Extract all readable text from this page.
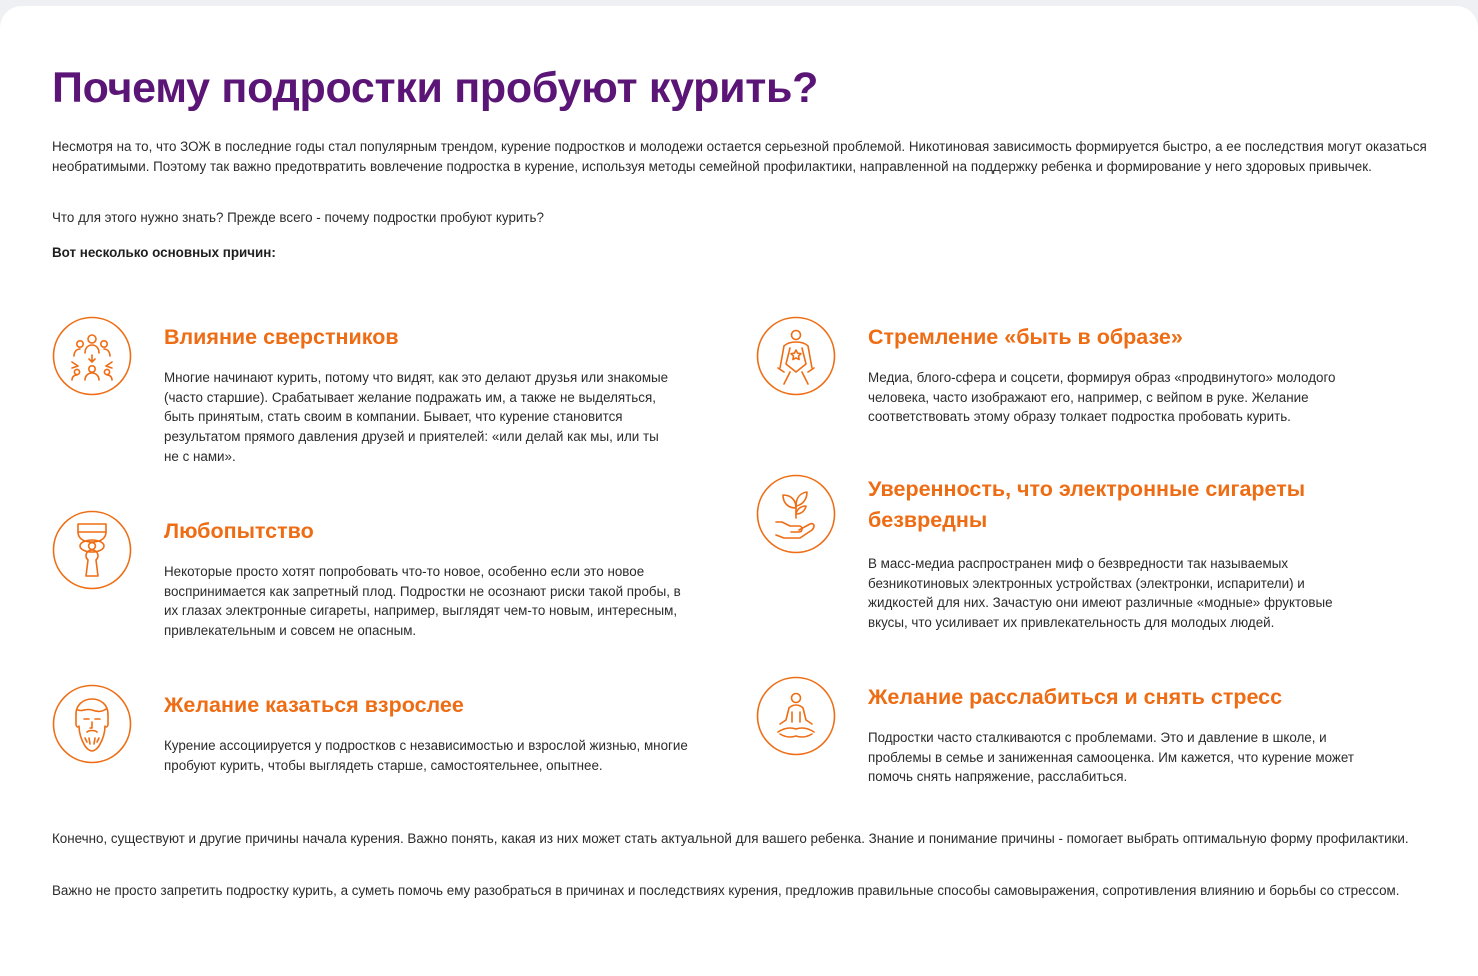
Почему подростки пробуют курить?

Несмотря на то, что ЗОЖ в последние годы стал популярным трендом, курение подростков и молодежи остается серьезной проблемой. Никотиновая зависимость формируется быстро, а ее последствия могут оказаться необратимыми. Поэтому так важно предотвратить вовлечение подростка в курение, используя методы семейной профилактики, направленной на поддержку ребенка и формирование у него здоровых привычек.

Что для этого нужно знать? Прежде всего - почему подростки пробуют курить?

Вот несколько основных причин:

Влияние сверстников

Многие начинают курить, потому что видят, как это делают друзья или знакомые (часто старшие). Срабатывает желание подражать им, а также не выделяться, быть принятым, стать своим в компании. Бывает, что курение становится результатом прямого давления друзей и приятелей: «или делай как мы, или ты не с нами».

Любопытство

Некоторые просто хотят попробовать что-то новое, особенно если это новое воспринимается как запретный плод. Подростки не осознают риски такой пробы, в их глазах электронные сигареты, например, выглядят чем-то новым, интересным, привлекательным и совсем не опасным.

Желание казаться взрослее

Курение ассоциируется у подростков с независимостью и взрослой жизнью, многие пробуют курить, чтобы выглядеть старше, самостоятельнее, опытнее.

Стремление «быть в образе»

Медиа, блого-сфера и соцсети, формируя образ «продвинутого» молодого человека, часто изображают его, например, с вейпом в руке. Желание соответствовать этому образу толкает подростка пробовать курить.

Уверенность, что электронные сигареты безвредны

В масс-медиа распространен миф о безвредности так называемых безникотиновых электронных устройствах (электронки, испарители) и жидкостей для них. Зачастую они имеют различные «модные» фруктовые вкусы, что усиливает их привлекательность для молодых людей.

Желание расслабиться и снять стресс

Подростки часто сталкиваются с проблемами. Это и давление в школе, и проблемы в семье и заниженная самооценка. Им кажется, что курение может помочь снять напряжение, расслабиться.

Конечно, существуют и другие причины начала курения. Важно понять, какая из них может стать актуальной для вашего ребенка. Знание и понимание причины - помогает выбрать оптимальную форму профилактики.

Важно не просто запретить подростку курить, а суметь помочь ему разобраться в причинах и последствиях курения, предложив правильные способы самовыражения, сопротивления влиянию и борьбы со стрессом.
